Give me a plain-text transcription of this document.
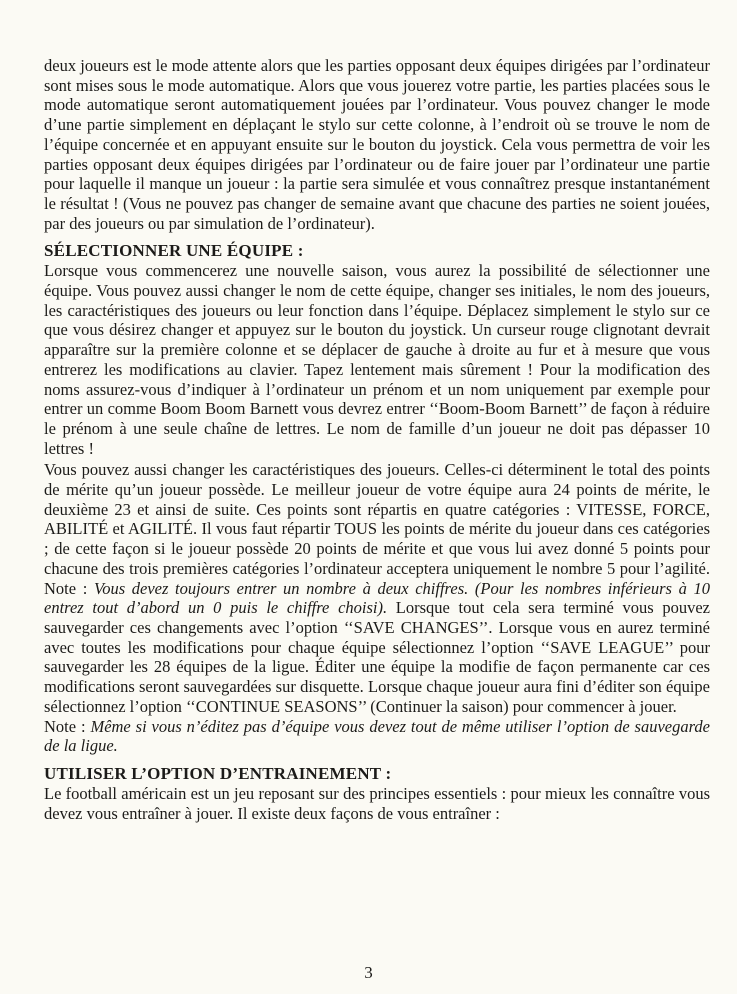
deux joueurs est le mode attente alors que les parties opposant deux équipes dirigées par l’ordinateur sont mises sous le mode automatique. Alors que vous jouerez votre partie, les parties placées sous le mode automatique seront automatiquement jouées par l’ordinateur. Vous pouvez changer le mode d’une partie simplement en déplaçant le stylo sur cette colonne, à l’endroit où se trouve le nom de l’équipe concernée et en appuyant ensuite sur le bouton du joystick. Cela vous permettra de voir les parties opposant deux équipes dirigées par l’ordinateur ou de faire jouer par l’ordinateur une partie pour laquelle il manque un joueur : la partie sera simulée et vous connaîtrez presque instantanément le résultat ! (Vous ne pouvez pas changer de semaine avant que chacune des parties ne soient jouées, par des joueurs ou par simulation de l’ordinateur).

SÉLECTIONNER UNE ÉQUIPE :

Lorsque vous commencerez une nouvelle saison, vous aurez la possibilité de sélectionner une équipe. Vous pouvez aussi changer le nom de cette équipe, changer ses initiales, le nom des joueurs, les caractéristiques des joueurs ou leur fonction dans l’équipe. Déplacez simplement le stylo sur ce que vous désirez changer et appuyez sur le bouton du joystick. Un curseur rouge clignotant devrait apparaître sur la première colonne et se déplacer de gauche à droite au fur et à mesure que vous entrerez les modifications au clavier. Tapez lentement mais sûrement ! Pour la modification des noms assurez-vous d’indiquer à l’ordinateur un prénom et un nom uniquement par exemple pour entrer un comme Boom Boom Barnett vous devrez entrer ‘‘Boom-Boom Barnett’’ de façon à réduire le prénom à une seule chaîne de lettres. Le nom de famille d’un joueur ne doit pas dépasser 10 lettres !

Vous pouvez aussi changer les caractéristiques des joueurs. Celles-ci déterminent le total des points de mérite qu’un joueur possède. Le meilleur joueur de votre équipe aura 24 points de mérite, le deuxième 23 et ainsi de suite. Ces points sont répartis en quatre catégories : VITESSE, FORCE, ABILITÉ et AGILITÉ. Il vous faut répartir TOUS les points de mérite du joueur dans ces catégories ; de cette façon si le joueur possède 20 points de mérite et que vous lui avez donné 5 points pour chacune des trois premières catégories l’ordinateur acceptera uniquement le nombre 5 pour l’agilité. Note : Vous devez toujours entrer un nombre à deux chiffres. (Pour les nombres inférieurs à 10 entrez tout d’abord un 0 puis le chiffre choisi). Lorsque tout cela sera terminé vous pouvez sauvegarder ces changements avec l’option ‘‘SAVE CHANGES’’. Lorsque vous en aurez terminé avec toutes les modifications pour chaque équipe sélectionnez l’option ‘‘SAVE LEAGUE’’ pour sauvegarder les 28 équipes de la ligue. Éditer une équipe la modifie de façon permanente car ces modifications seront sauvegardées sur disquette. Lorsque chaque joueur aura fini d’éditer son équipe sélectionnez l’option ‘‘CONTINUE SEASONS’’ (Continuer la saison) pour commencer à jouer.

Note : Même si vous n’éditez pas d’équipe vous devez tout de même utiliser l’option de sauvegarde de la ligue.

UTILISER L’OPTION D’ENTRAINEMENT :

Le football américain est un jeu reposant sur des principes essentiels : pour mieux les connaître vous devez vous entraîner à jouer. Il existe deux façons de vous entraîner :

3
